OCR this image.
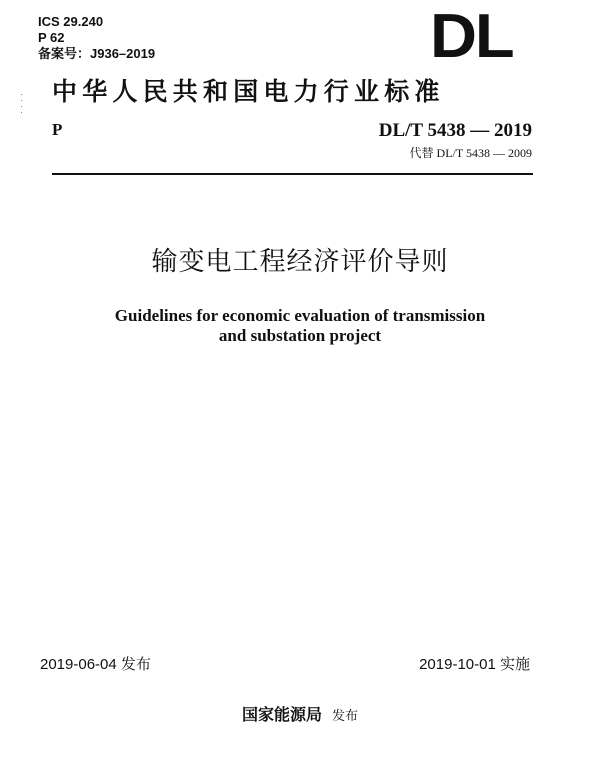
ICS 29.240
P 62
备案号：J936–2019	DL
中华人民共和国电力行业标准
P	DL/T 5438 — 2019
代替 DL/T 5438 — 2009
输变电工程经济评价导则
Guidelines for economic evaluation of transmission
and substation project
2019-06-04 发布	2019-10-01 实施
国家能源局 发布
